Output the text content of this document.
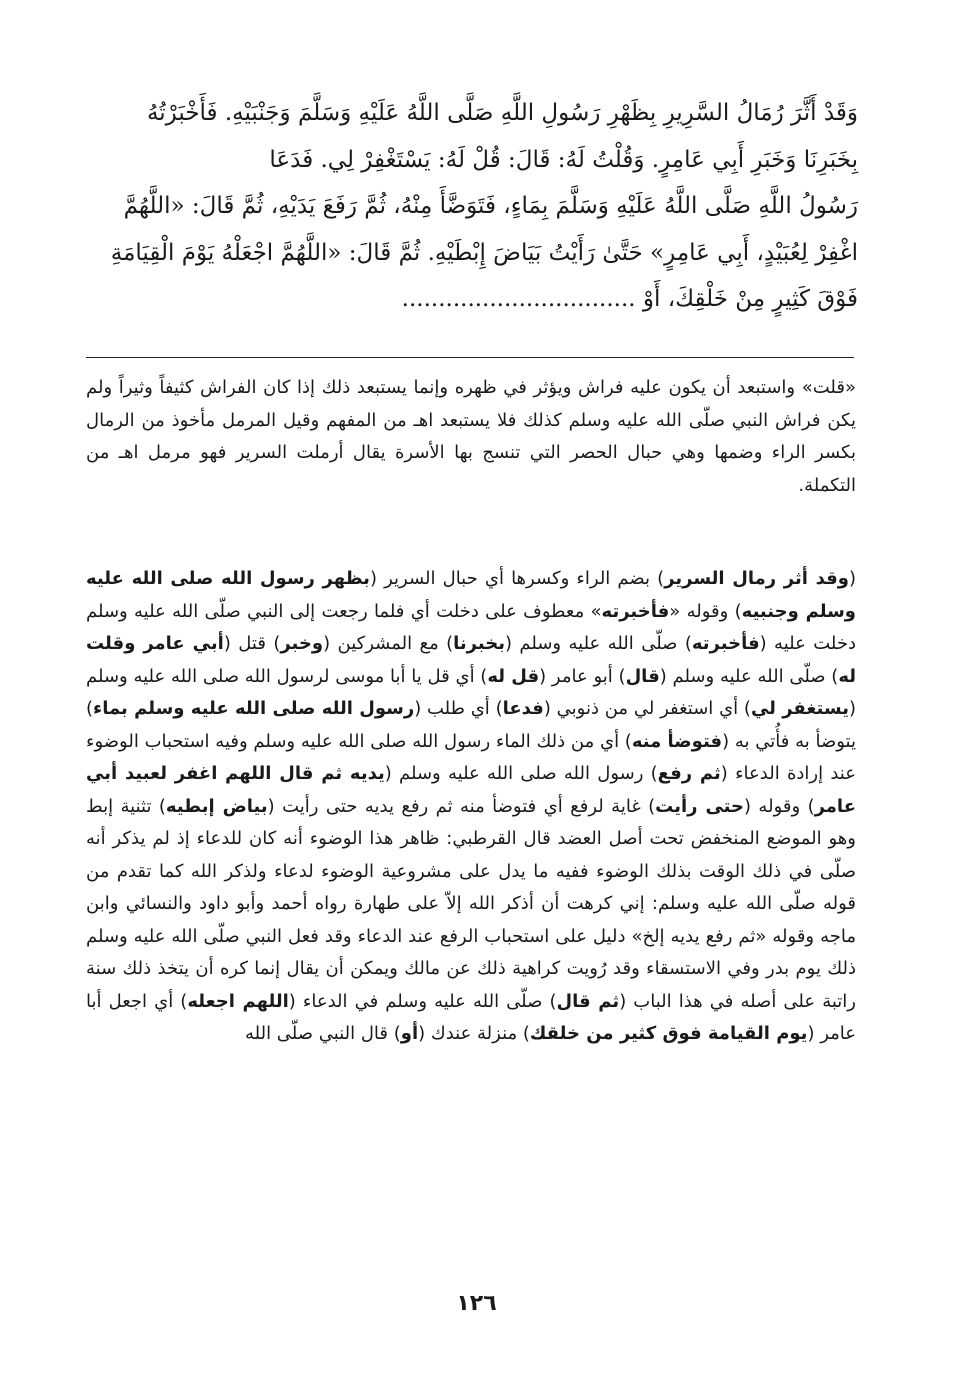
وَقَدْ أَثَّرَ رُمَالُ السَّرِيرِ بِظَهْرِ رَسُولِ اللَّهِ صَلَّى اللَّهُ عَلَيْهِ وَسَلَّمَ وَجَنْبَيْهِ. فَأَخْبَرْتُهُ

بِخَبَرِنَا وَخَبَرِ أَبِي عَامِرٍ. وَقُلْتُ لَهُ: قَالَ: قُلْ لَهُ: يَسْتَغْفِرْ لِي. فَدَعَا

رَسُولُ اللَّهِ صَلَّى اللَّهُ عَلَيْهِ وَسَلَّمَ بِمَاءٍ، فَتَوَضَّأَ مِنْهُ، ثُمَّ رَفَعَ يَدَيْهِ، ثُمَّ قَالَ: «اللَّهُمَّ

اغْفِرْ لِعُبَيْدٍ، أَبِي عَامِرٍ» حَتَّىٰ رَأَيْتُ بَيَاضَ إِبْطَيْهِ. ثُمَّ قَالَ: «اللَّهُمَّ اجْعَلْهُ يَوْمَ الْقِيَامَةِ

فَوْقَ كَثِيرٍ مِنْ خَلْقِكَ، أَوْ ................................

«قلت» واستبعد أن يكون عليه فراش ويؤثر في ظهره وإنما يستبعد ذلك إذا كان الفراش كثيفاً وثيراً ولم يكن فراش النبي صلّى الله عليه وسلم كذلك فلا يستبعد اهـ من المفهم وقيل المرمل مأخوذ من الرمال بكسر الراء وضمها وهي حبال الحصر التي تنسج بها الأسرة يقال أرملت السرير فهو مرمل اهـ من التكملة.
(وقد أثر رمال السرير) بضم الراء وكسرها أي حبال السرير (بظهر رسول الله صلى الله عليه وسلم وجنبيه) وقوله «فأخبرته» معطوف على دخلت أي فلما رجعت إلى النبي صلّى الله عليه وسلم دخلت عليه (فأخبرته) صلّى الله عليه وسلم (بخبرنا) مع المشركين (وخبر) قتل (أبي عامر وقلت له) صلّى الله عليه وسلم (قال) أبو عامر (قل له) أي قل يا أبا موسى لرسول الله صلى الله عليه وسلم (يستغفر لي) أي استغفر لي من ذنوبي (فدعا) أي طلب (رسول الله صلى الله عليه وسلم بماء) يتوضأ به فأُتي به (فتوضأ منه) أي من ذلك الماء رسول الله صلى الله عليه وسلم وفيه استحباب الوضوء عند إرادة الدعاء (ثم رفع) رسول الله صلى الله عليه وسلم (يديه ثم قال اللهم اغفر لعبيد أبي عامر) وقوله (حتى رأيت) غاية لرفع أي فتوضأ منه ثم رفع يديه حتى رأيت (بياض إبطيه) تثنية إبط وهو الموضع المنخفض تحت أصل العضد قال القرطبي: ظاهر هذا الوضوء أنه كان للدعاء إذ لم يذكر أنه صلّى في ذلك الوقت بذلك الوضوء ففيه ما يدل على مشروعية الوضوء لدعاء ولذكر الله كما تقدم من قوله صلّى الله عليه وسلم: إني كرهت أن أذكر الله إلاّ على طهارة رواه أحمد وأبو داود والنسائي وابن ماجه وقوله «ثم رفع يديه إلخ» دليل على استحباب الرفع عند الدعاء وقد فعل النبي صلّى الله عليه وسلم ذلك يوم بدر وفي الاستسقاء وقد رُويت كراهية ذلك عن مالك ويمكن أن يقال إنما كره أن يتخذ ذلك سنة راتبة على أصله في هذا الباب (ثم قال) صلّى الله عليه وسلم في الدعاء (اللهم اجعله) أي اجعل أبا عامر (يوم القيامة فوق كثير من خلقك) منزلة عندك (أو) قال النبي صلّى الله
١٢٦
